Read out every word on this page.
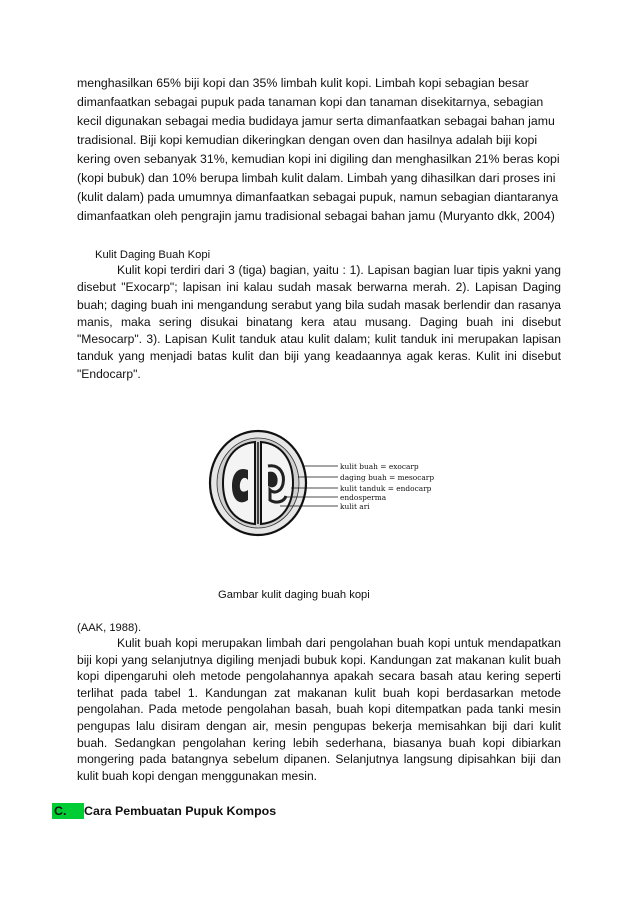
menghasilkan 65% biji kopi dan 35% limbah kulit kopi. Limbah kopi sebagian besar dimanfaatkan sebagai pupuk pada tanaman kopi dan tanaman disekitarnya, sebagian kecil digunakan sebagai media budidaya jamur serta dimanfaatkan sebagai bahan jamu tradisional. Biji kopi kemudian dikeringkan dengan oven dan hasilnya adalah biji kopi kering oven sebanyak 31%, kemudian kopi ini digiling dan menghasilkan 21% beras kopi (kopi bubuk) dan 10% berupa limbah kulit dalam. Limbah yang dihasilkan dari proses ini (kulit dalam) pada umumnya dimanfaatkan sebagai pupuk, namun sebagian diantaranya dimanfaatkan oleh pengrajin jamu tradisional sebagai bahan jamu (Muryanto dkk, 2004)
Kulit Daging Buah Kopi
Kulit kopi terdiri dari 3 (tiga) bagian, yaitu : 1). Lapisan bagian luar tipis yakni yang disebut "Exocarp"; lapisan ini kalau sudah masak berwarna merah. 2). Lapisan Daging buah; daging buah ini mengandung serabut yang bila sudah masak berlendir dan rasanya manis, maka sering disukai binatang kera atau musang. Daging buah ini disebut "Mesocarp". 3). Lapisan Kulit tanduk atau kulit dalam; kulit tanduk ini merupakan lapisan tanduk yang menjadi batas kulit dan biji yang keadaannya agak keras. Kulit ini disebut "Endocarp".
kulit buah = exocarp
daging buah = mesocarp
kulit tanduk = endocarp
endosperma
kulit ari
Gambar kulit daging buah kopi
(AAK, 1988).
Kulit buah kopi merupakan limbah dari pengolahan buah kopi untuk mendapatkan biji kopi yang selanjutnya digiling menjadi bubuk kopi. Kandungan zat makanan kulit buah kopi dipengaruhi oleh metode pengolahannya apakah secara basah atau kering seperti terlihat pada tabel 1. Kandungan zat makanan kulit buah kopi berdasarkan metode pengolahan. Pada metode pengolahan basah, buah kopi ditempatkan pada tanki mesin pengupas lalu disiram dengan air, mesin pengupas bekerja memisahkan biji dari kulit buah. Sedangkan pengolahan kering lebih sederhana, biasanya buah kopi dibiarkan mongering pada batangnya sebelum dipanen. Selanjutnya langsung dipisahkan biji dan kulit buah kopi dengan menggunakan mesin.
C.	Cara Pembuatan Pupuk Kompos
